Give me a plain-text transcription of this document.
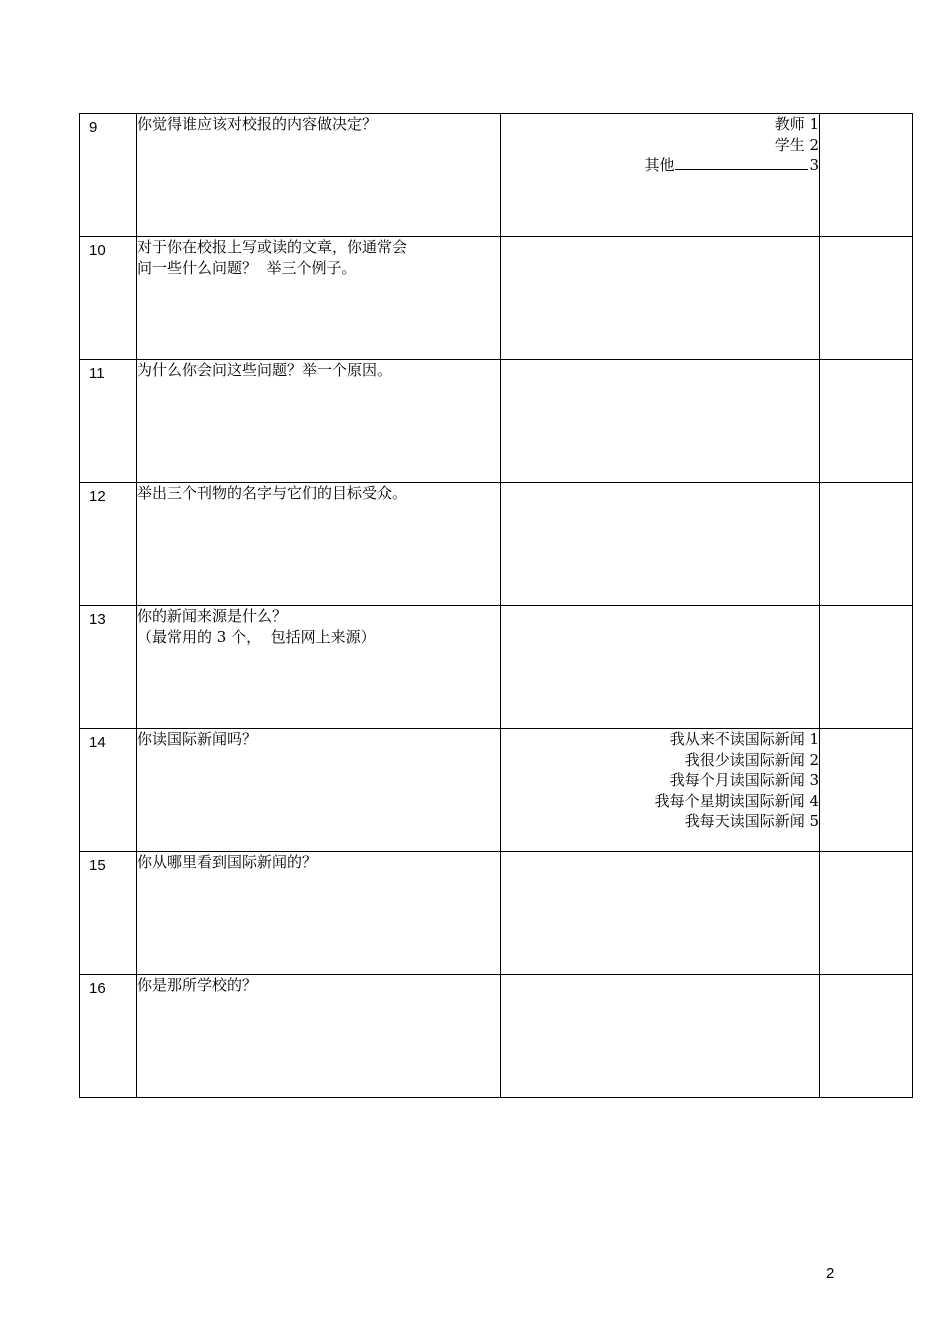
9	你觉得谁应该对校报的内容做决定？	教师 1
学生 2
其他 3	

10	对于你在校报上写或读的文章，你通常会
问一些什么问题？  举三个例子。		

11	为什么你会问这些问题？举一个原因。		

12	举出三个刊物的名字与它们的目标受众。		

13	你的新闻来源是什么？
（最常用的 3 个，  包括网上来源）		

14	你读国际新闻吗？	我从来不读国际新闻 1
我很少读国际新闻 2
我每个月读国际新闻 3
我每个星期读国际新闻 4
我每天读国际新闻 5	

15	你从哪里看到国际新闻的？		

16	你是那所学校的？		

2
